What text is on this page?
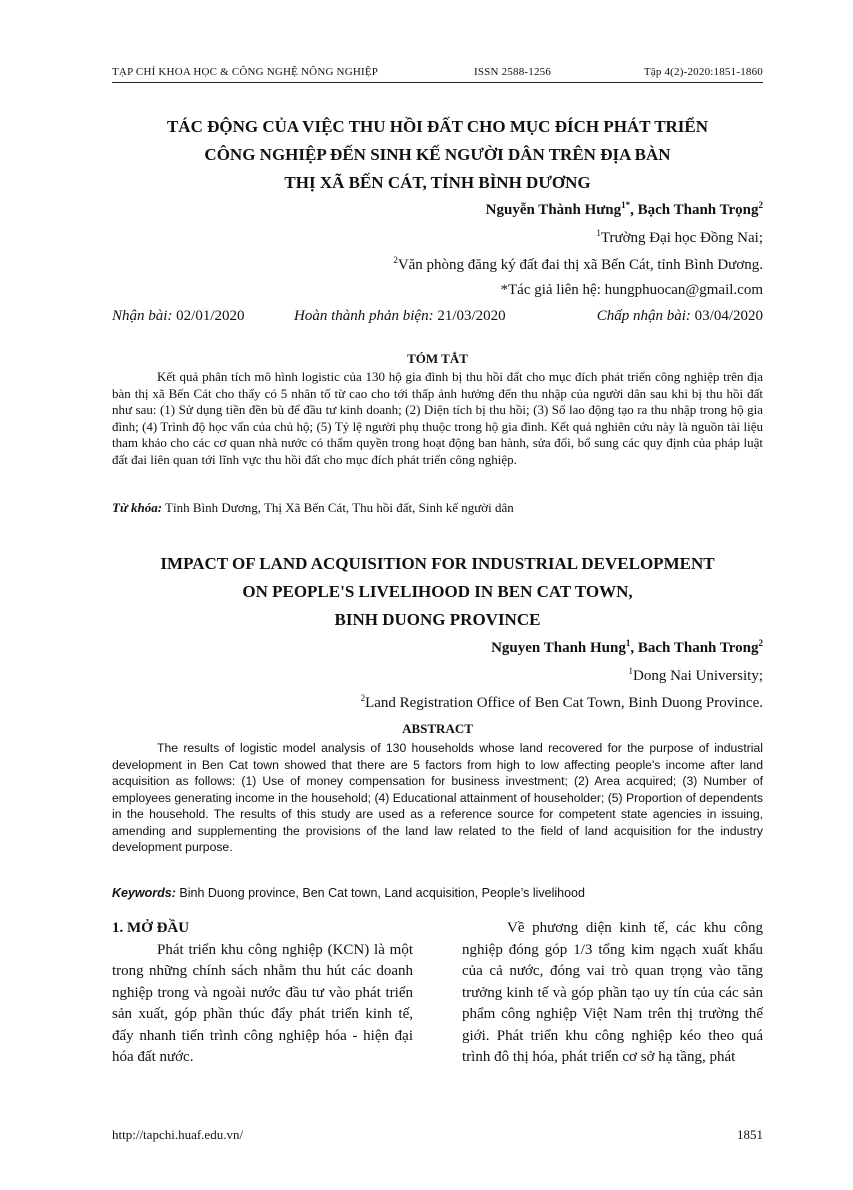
TẠP CHÍ KHOA HỌC & CÔNG NGHỆ NÔNG NGHIỆP	ISSN 2588-1256	Tập 4(2)-2020:1851-1860
TÁC ĐỘNG CỦA VIỆC THU HỒI ĐẤT CHO MỤC ĐÍCH PHÁT TRIỂN
CÔNG NGHIỆP ĐẾN SINH KẾ NGƯỜI DÂN TRÊN ĐỊA BÀN
THỊ XÃ BẾN CÁT, TỈNH BÌNH DƯƠNG
Nguyễn Thành Hưng$^{1*}$, Bạch Thanh Trọng$^2$
$^1$Trường Đại học Đồng Nai;
$^2$Văn phòng đăng ký đất đai thị xã Bến Cát, tỉnh Bình Dương.
*Tác giả liên hệ: hungphuocan@gmail.com
Nhận bài: 02/01/2020	Hoàn thành phản biện: 21/03/2020	Chấp nhận bài: 03/04/2020
TÓM TẮT

Kết quả phân tích mô hình logistic của 130 hộ gia đình bị thu hồi đất cho mục đích phát triển công nghiệp trên địa bàn thị xã Bến Cát cho thấy có 5 nhân tố từ cao cho tới thấp ảnh hưởng đến thu nhập của người dân sau khi bị thu hồi đất như sau: (1) Sử dụng tiền đền bù để đầu tư kinh doanh; (2) Diện tích bị thu hồi; (3) Số lao động tạo ra thu nhập trong hộ gia đình; (4) Trình độ học vấn của chủ hộ; (5) Tỷ lệ người phụ thuộc trong hộ gia đình. Kết quả nghiên cứu này là nguồn tài liệu tham khảo cho các cơ quan nhà nước có thẩm quyền trong hoạt động ban hành, sửa đổi, bổ sung các quy định của pháp luật đất đai liên quan tới lĩnh vực thu hồi đất cho mục đích phát triển công nghiệp.

Từ khóa: Tỉnh Bình Dương, Thị Xã Bến Cát, Thu hồi đất, Sinh kế người dân
IMPACT OF LAND ACQUISITION FOR INDUSTRIAL DEVELOPMENT
ON PEOPLE'S LIVELIHOOD IN BEN CAT TOWN,
BINH DUONG PROVINCE
Nguyen Thanh Hung$^1$, Bach Thanh Trong$^2$
$^1$Dong Nai University;
$^2$Land Registration Office of Ben Cat Town, Binh Duong Province.
ABSTRACT

The results of logistic model analysis of 130 households whose land recovered for the purpose of industrial development in Ben Cat town showed that there are 5 factors from high to low affecting people's income after land acquisition as follows: (1) Use of money compensation for business investment; (2) Area acquired; (3) Number of employees generating income in the household; (4) Educational attainment of householder; (5) Proportion of dependents in the household. The results of this study are used as a reference source for competent state agencies in issuing, amending and supplementing the provisions of the land law related to the field of land acquisition for the industry development purpose.

Keywords: Binh Duong province, Ben Cat town, Land acquisition, People’s livelihood
1. MỞ ĐẦU

Phát triển khu công nghiệp (KCN) là một trong những chính sách nhằm thu hút các doanh nghiệp trong và ngoài nước đầu tư vào phát triển sản xuất, góp phần thúc đẩy phát triển kinh tế, đẩy nhanh tiến trình công nghiệp hóa - hiện đại hóa đất nước.

Về phương diện kinh tế, các khu công nghiệp đóng góp 1/3 tổng kim ngạch xuất khẩu của cả nước, đóng vai trò quan trọng vào tăng trưởng kinh tế và góp phần tạo uy tín của các sản phẩm công nghiệp Việt Nam trên thị trường thế giới. Phát triển khu công nghiệp kéo theo quá trình đô thị hóa, phát triển cơ sở hạ tầng, phát

http://tapchi.huaf.edu.vn/	1851
